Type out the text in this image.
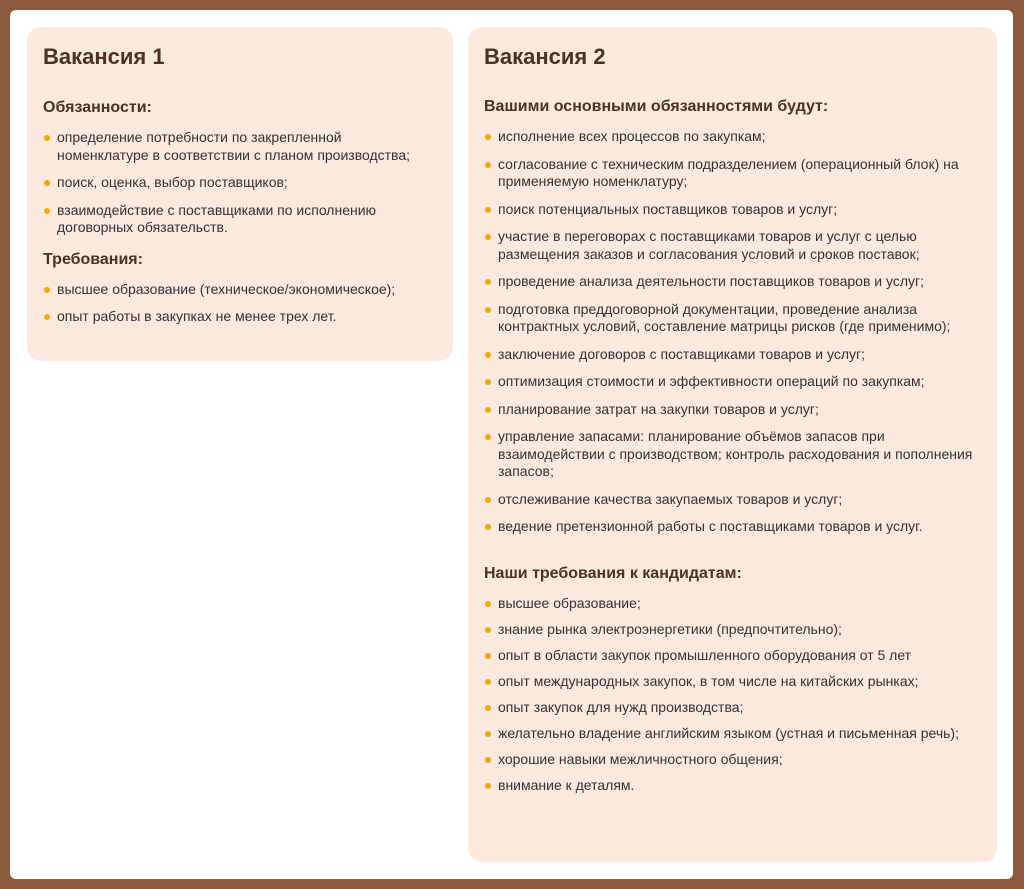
Вакансия 1
Обязанности:
определение потребности по закрепленной номенклатуре в соответствии с планом производства;
поиск, оценка, выбор поставщиков;
взаимодействие с поставщиками по исполнению договорных обязательств.
Требования:
высшее образование (техническое/экономическое);
опыт работы в закупках не менее трех лет.
Вакансия 2
Вашими основными обязанностями будут:
исполнение всех процессов по закупкам;
согласование с техническим подразделением (операционный блок) на применяемую номенклатуру;
поиск потенциальных поставщиков товаров и услуг;
участие в переговорах с поставщиками товаров и услуг с целью размещения заказов и согласования условий и сроков поставок;
проведение анализа деятельности поставщиков товаров и услуг;
подготовка преддоговорной документации, проведение анализа контрактных условий, составление матрицы рисков (где применимо);
заключение договоров с поставщиками товаров и услуг;
оптимизация стоимости и эффективности операций по закупкам;
планирование затрат на закупки товаров и услуг;
управление запасами: планирование объёмов запасов при взаимодействии с производством; контроль расходования и пополнения запасов;
отслеживание качества закупаемых товаров и услуг;
ведение претензионной работы с поставщиками товаров и услуг.
Наши требования к кандидатам:
высшее образование;
знание рынка электроэнергетики (предпочтительно);
опыт в области закупок промышленного оборудования от 5 лет
опыт международных закупок, в том числе на китайских рынках;
опыт закупок для нужд производства;
желательно владение английским языком (устная и письменная речь);
хорошие навыки межличностного общения;
внимание к деталям.
